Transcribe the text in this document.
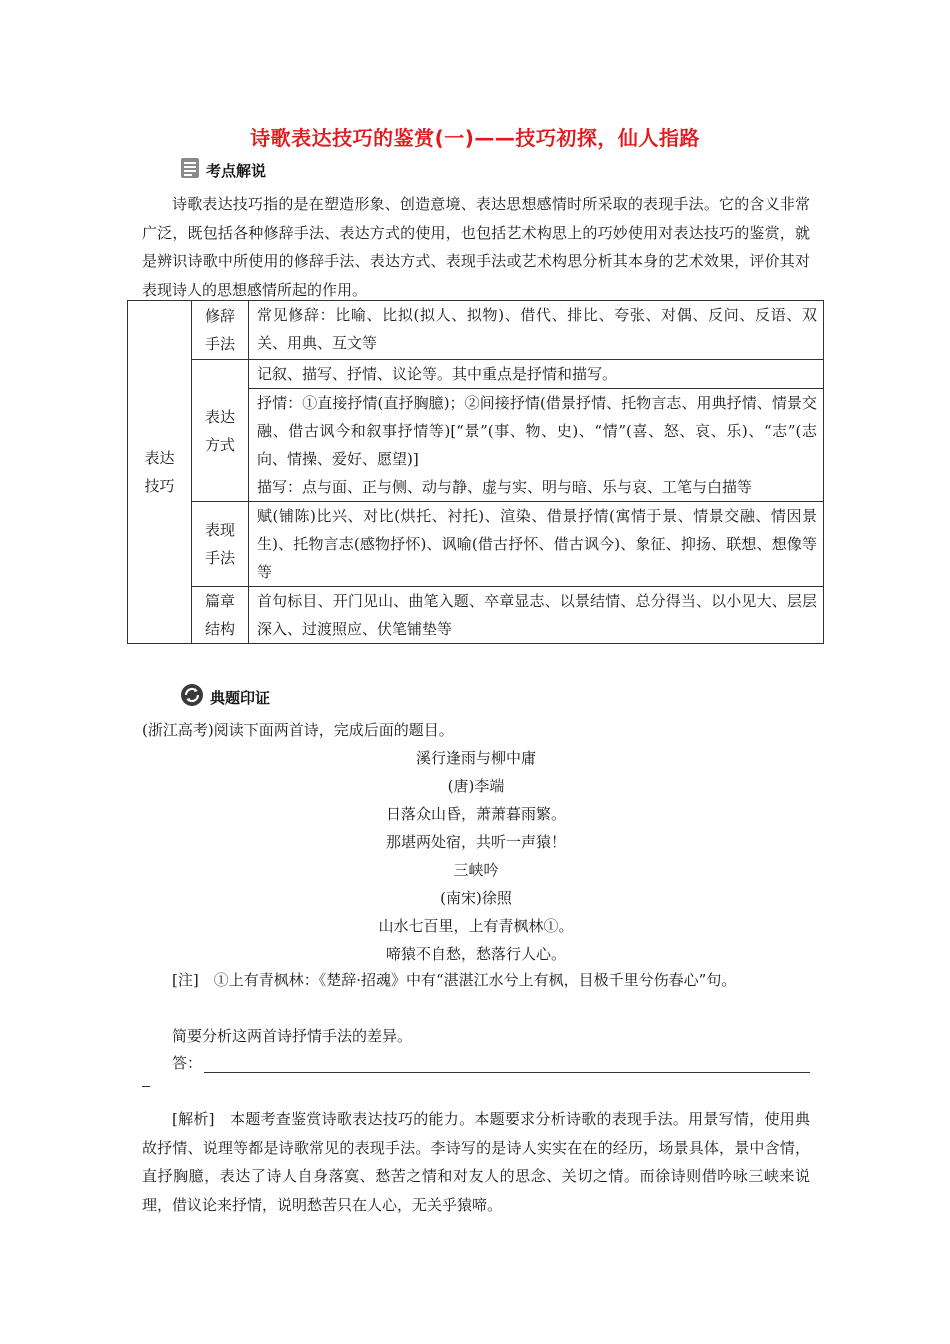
诗歌表达技巧的鉴赏(一)——技巧初探，仙人指路
考点解说
诗歌表达技巧指的是在塑造形象、创造意境、表达思想感情时所采取的表现手法。它的含义非常广泛，既包括各种修辞手法、表达方式的使用，也包括艺术构思上的巧妙使用对表达技巧的鉴赏，就是辨识诗歌中所使用的修辞手法、表达方式、表现手法或艺术构思分析其本身的艺术效果，评价其对表现诗人的思想感情所起的作用。
表达技巧	修辞手法	常见修辞：比喻、比拟(拟人、拟物)、借代、排比、夸张、对偶、反问、反语、双关、用典、互文等

	表达方式	记叙、描写、抒情、议论等。其中重点是抒情和描写。
抒情：①直接抒情(直抒胸臆)；②间接抒情(借景抒情、托物言志、用典抒情、情景交融、借古讽今和叙事抒情等)[“景”(事、物、史)、“情”(喜、怒、哀、乐)、“志”(志向、情操、爱好、愿望)]
描写：点与面、正与侧、动与静、虚与实、明与暗、乐与哀、工笔与白描等

	表现手法	赋(铺陈)比兴、对比(烘托、衬托)、渲染、借景抒情(寓情于景、情景交融、情因景生)、托物言志(感物抒怀)、讽喻(借古抒怀、借古讽今)、象征、抑扬、联想、想像等等

	篇章结构	首句标目、开门见山、曲笔入题、卒章显志、以景结情、总分得当、以小见大、层层深入、过渡照应、伏笔铺垫等
典题印证
(浙江高考)阅读下面两首诗，完成后面的题目。
溪行逢雨与柳中庸
(唐)李端
日落众山昏，萧萧暮雨繁。
那堪两处宿，共听一声猿！
三峡吟
(南宋)徐照
山水七百里，上有青枫林①。
啼猿不自愁，愁落行人心。
[注]　①上有青枫林：《楚辞·招魂》中有“湛湛江水兮上有枫，目极千里兮伤春心”句。
简要分析这两首诗抒情手法的差异。
答：
[解析]　本题考查鉴赏诗歌表达技巧的能力。本题要求分析诗歌的表现手法。用景写情，使用典故抒情、说理等都是诗歌常见的表现手法。李诗写的是诗人实实在在的经历，场景具体，景中含情，直抒胸臆，表达了诗人自身落寞、愁苦之情和对友人的思念、关切之情。而徐诗则借吟咏三峡来说理，借议论来抒情，说明愁苦只在人心，无关乎猿啼。
